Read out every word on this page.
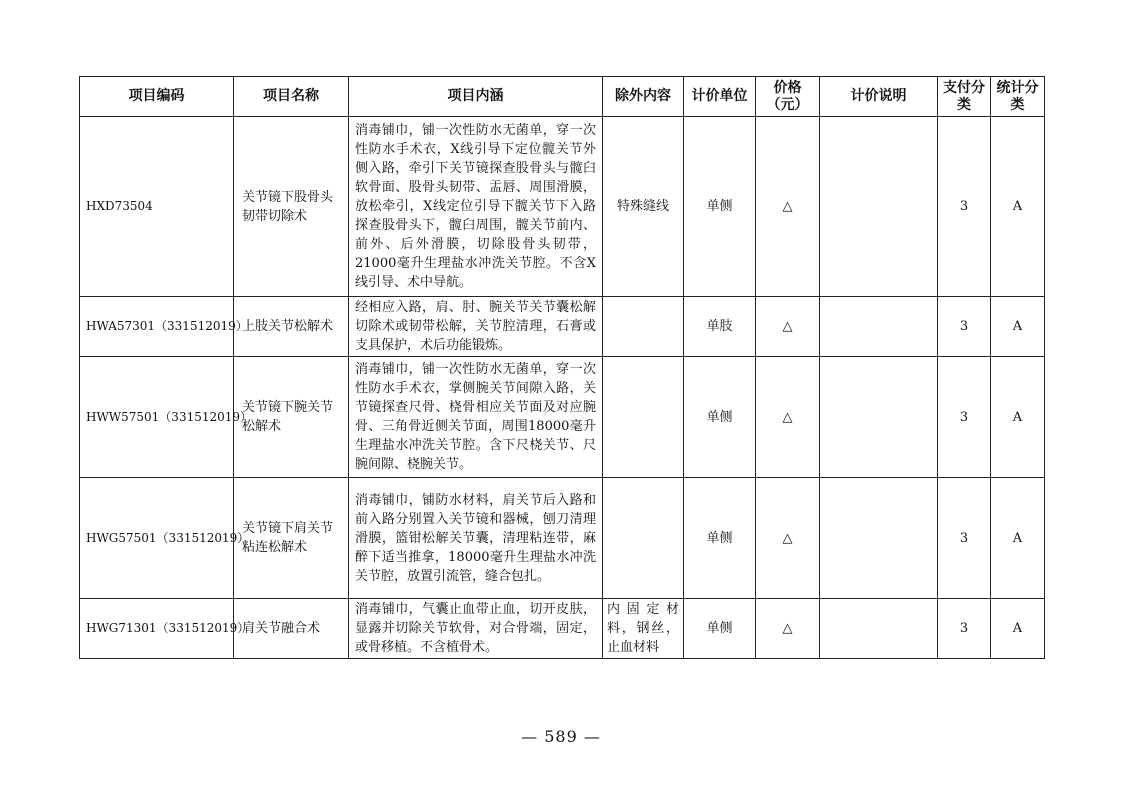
项目编码	项目名称	项目内涵	除外内容	计价单位	价格（元）	计价说明	支付分类	统计分类
HXD73504	关节镜下股骨头韧带切除术	消毒铺巾，铺一次性防水无菌单，穿一次性防水手术衣，X线引导下定位髋关节外侧入路，牵引下关节镜探查股骨头与髋臼软骨面、股骨头韧带、盂唇、周围滑膜，放松牵引，X线定位引导下髋关节下入路探查股骨头下，髋臼周围，髋关节前内、前外、后外滑膜，切除股骨头韧带，21000毫升生理盐水冲洗关节腔。不含X线引导、术中导航。	特殊缝线	单侧	△		3	A
HWA57301（331512019）	上肢关节松解术	经相应入路，肩、肘、腕关节关节囊松解切除术或韧带松解，关节腔清理，石膏或支具保护，术后功能锻炼。		单肢	△		3	A
HWW57501（331512019）	关节镜下腕关节松解术	消毒铺巾，铺一次性防水无菌单，穿一次性防水手术衣，掌侧腕关节间隙入路，关节镜探查尺骨、桡骨相应关节面及对应腕骨、三角骨近侧关节面，周围18000毫升生理盐水冲洗关节腔。含下尺桡关节、尺腕间隙、桡腕关节。		单侧	△		3	A
HWG57501（331512019）	关节镜下肩关节粘连松解术	消毒铺巾，铺防水材料，肩关节后入路和前入路分别置入关节镜和器械，刨刀清理滑膜，篮钳松解关节囊，清理粘连带，麻醉下适当推拿，18000毫升生理盐水冲洗关节腔，放置引流管，缝合包扎。		单侧	△		3	A
HWG71301（331512019）	肩关节融合术	消毒铺巾，气囊止血带止血，切开皮肤，显露并切除关节软骨，对合骨端，固定，或骨移植。不含植骨术。	内固定材料，钢丝，止血材料	单侧	△		3	A
— 589 —
